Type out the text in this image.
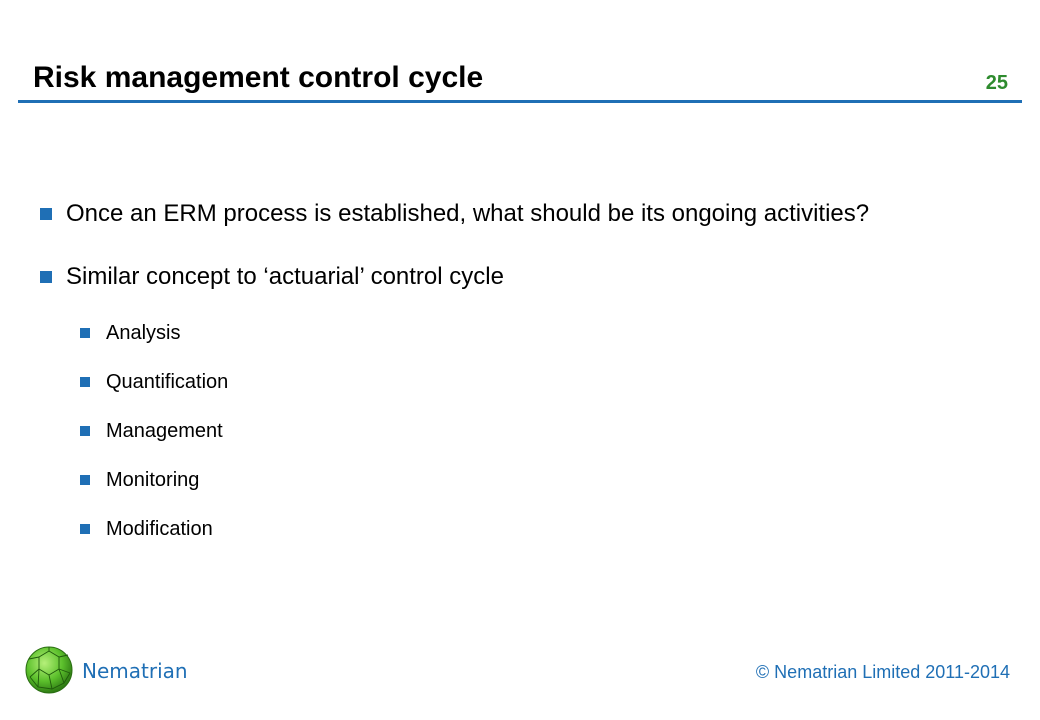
Risk management control cycle	25
Once an ERM process is established, what should be its ongoing activities?
Similar concept to ‘actuarial’ control cycle
Analysis
Quantification
Management
Monitoring
Modification
Nematrian	© Nematrian Limited 2011-2014
